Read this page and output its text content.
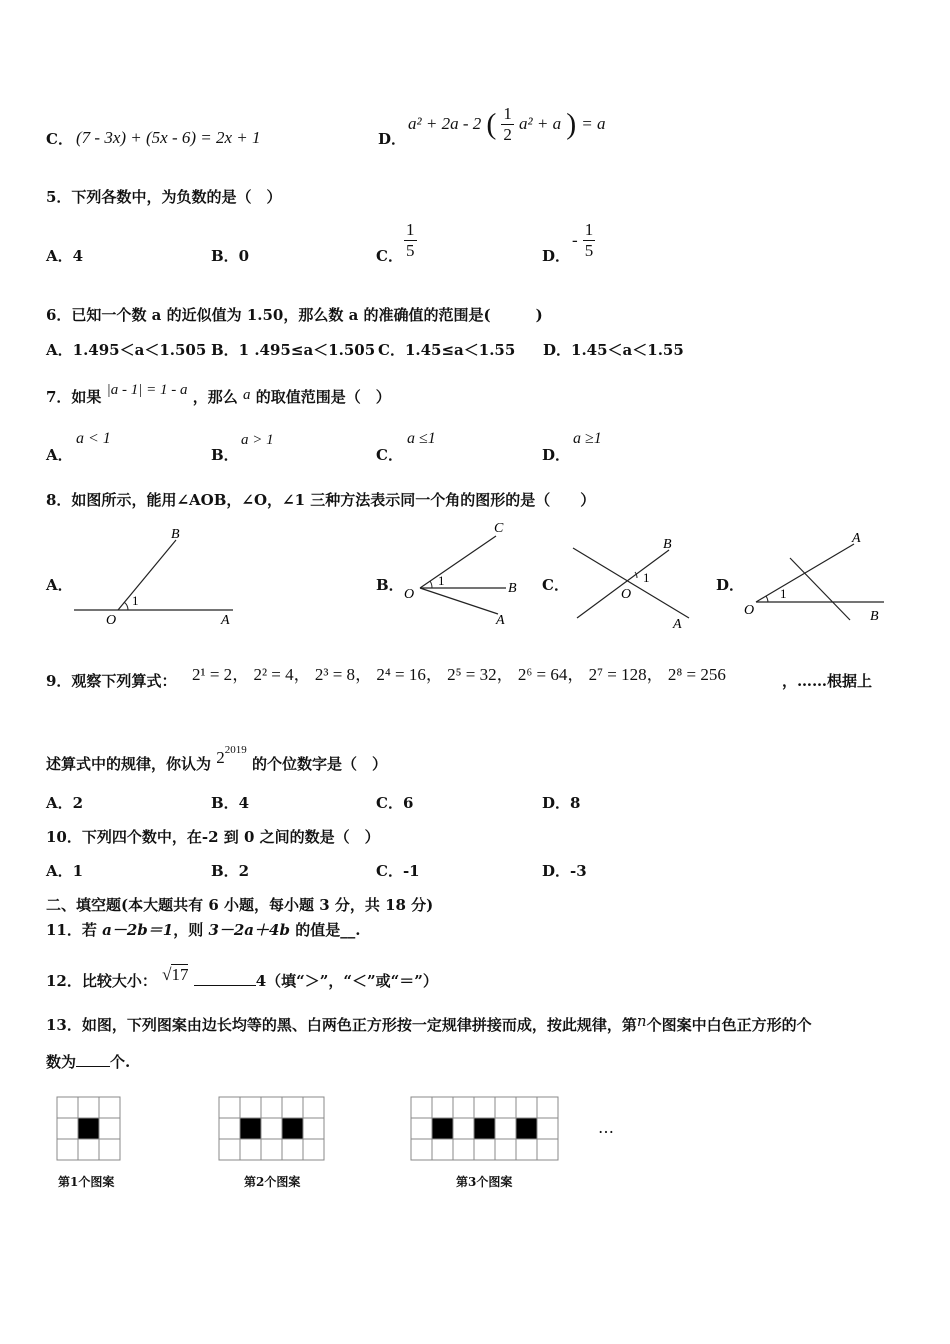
C． (7 - 3x) + (5x - 6) = 2x + 1	D．
a² + 2a - 2 ( $\frac{1}{2} a^2 + a$ ) = a
5．下列各数中，为负数的是（　）
A．4	B．0	C． $\frac{1}{5}$	D．
- $\frac{1}{5}$
6．已知一个数 a 的近似值为 1.50，那么数 a 的准确值的范围是(　　　)
A．1.495＜a＜1.505 B．1 .495≤a＜1.505 C．1.45≤a＜1.55 D．1.45＜a＜1.55
7．如果 |a - 1| = 1 - a ，那么 a 的取值范围是（　）
A．
a < 1
B．
a > 1
C．
a ≤1
D．
a ≥1
8．如图所示，能用∠AOB，∠O，∠1 三种方法表示同一个角的图形的是（　　）
A．	B．	C．	D．
B
O	A
1
C
O	B
A
1
B
O
A
1
A
O	B
1
9．观察下列算式： 2¹ = 2， 2² = 4， 2³ = 8， 2⁴ = 16， 2⁵ = 32， 2⁶ = 64， 2⁷ = 128， 2⁸ = 256	，……根据上
述算式中的规律，你认为 $2^{2019}$ 的个位数字是（　）
A．2	B．4	C．6	D．8
10．下列四个数中，在-2 到 0 之间的数是（　）
A．1	B．2	C．-1	D．-3
二、填空题(本大题共有 6 小题，每小题 3 分，共 18 分)
11．若 a－2b＝1，则 3－2a＋4b 的值是__.
12．比较大小： √17	4（填“＞”，“＜”或“＝”）
13．如图，下列图案由边长均等的黑、白两色正方形按一定规律拼接而成，按此规律，第n个图案中白色正方形的个
数为 个.
第1个图案	第2个图案	第3个图案
…
